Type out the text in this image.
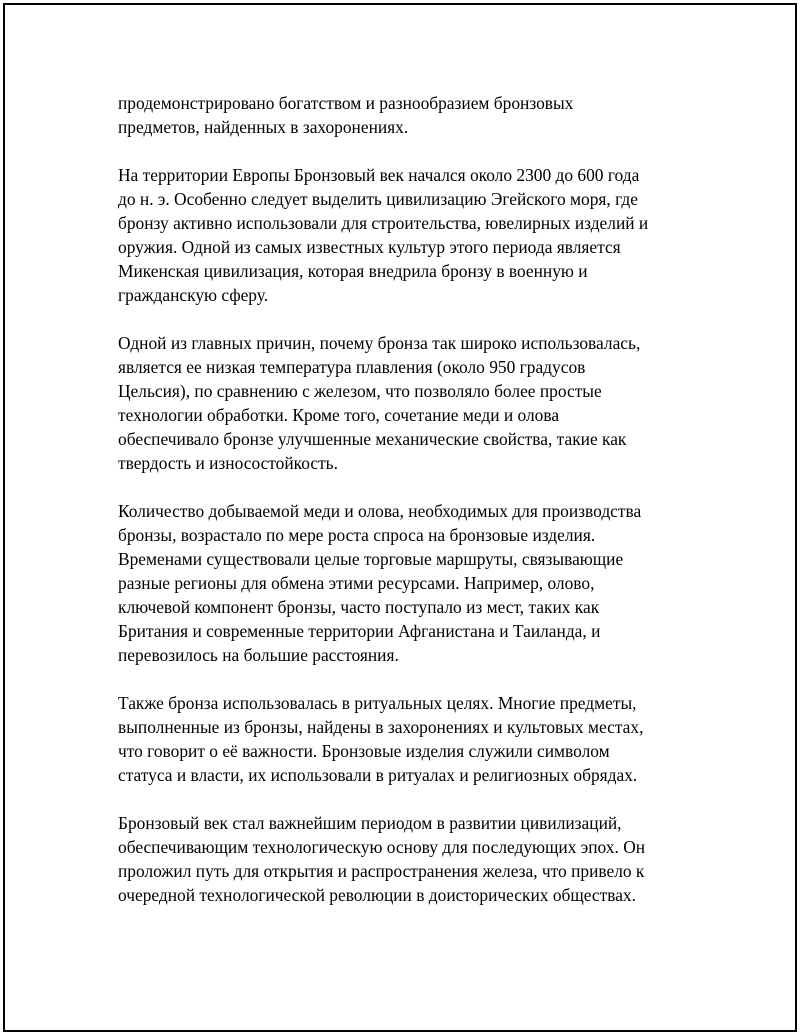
продемонстрировано богатством и разнообразием бронзовых
предметов, найденных в захоронениях.

На территории Европы Бронзовый век начался около 2300 до 600 года
до н. э. Особенно следует выделить цивилизацию Эгейского моря, где
бронзу активно использовали для строительства, ювелирных изделий и
оружия. Одной из самых известных культур этого периода является
Микенская цивилизация, которая внедрила бронзу в военную и
гражданскую сферу.

Одной из главных причин, почему бронза так широко использовалась,
является ее низкая температура плавления (около 950 градусов
Цельсия), по сравнению с железом, что позволяло более простые
технологии обработки. Кроме того, сочетание меди и олова
обеспечивало бронзе улучшенные механические свойства, такие как
твердость и износостойкость.

Количество добываемой меди и олова, необходимых для производства
бронзы, возрастало по мере роста спроса на бронзовые изделия.
Временами существовали целые торговые маршруты, связывающие
разные регионы для обмена этими ресурсами. Например, олово,
ключевой компонент бронзы, часто поступало из мест, таких как
Британия и современные территории Афганистана и Таиланда, и
перевозилось на большие расстояния.

Также бронза использовалась в ритуальных целях. Многие предметы,
выполненные из бронзы, найдены в захоронениях и культовых местах,
что говорит о её важности. Бронзовые изделия служили символом
статуса и власти, их использовали в ритуалах и религиозных обрядах.

Бронзовый век стал важнейшим периодом в развитии цивилизаций,
обеспечивающим технологическую основу для последующих эпох. Он
проложил путь для открытия и распространения железа, что привело к
очередной технологической революции в доисторических обществах.
